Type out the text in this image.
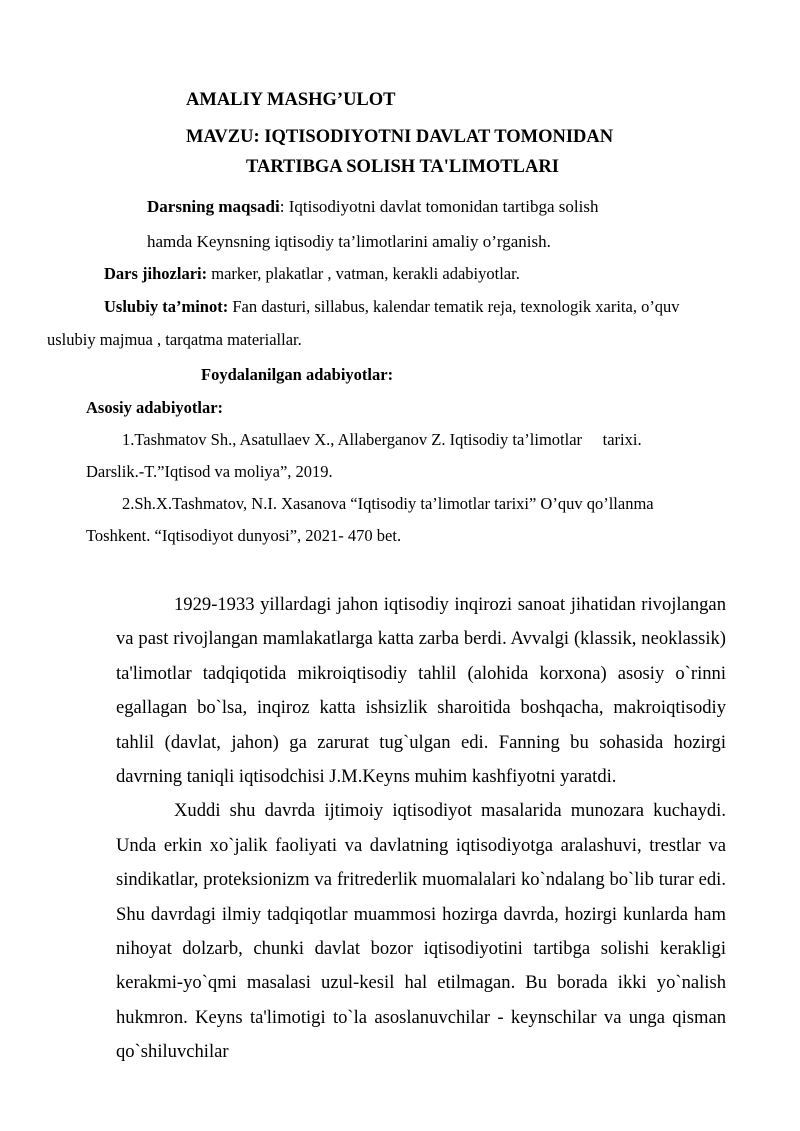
AMALIY MASHG’ULOT
MAVZU: IQTISODIYOTNI DAVLAT TOMONIDAN
TARTIBGA SOLISH TA'LIMOTLARI
Darsning maqsadi: Iqtisodiyotni davlat tomonidan tartibga solish
hamda Keynsning iqtisodiy ta’limotlarini amaliy o’rganish.
Dars jihozlari: marker, plakatlar , vatman, kerakli adabiyotlar.
Uslubiy ta’minot: Fan dasturi, sillabus, kalendar tematik reja, texnologik xarita, o’quv
uslubiy majmua , tarqatma materiallar.
Foydalanilgan adabiyotlar:
Asosiy adabiyotlar:
1.Tashmatov Sh., Asatullaev X., Allaberganov Z. Iqtisodiy ta’limotlar     tarixi.
Darslik.-T.”Iqtisod va moliya”, 2019.
2.Sh.X.Tashmatov, N.I. Xasanova “Iqtisodiy ta’limotlar tarixi” O’quv qo’llanma
Toshkent. “Iqtisodiyot dunyosi”, 2021- 470 bet.

1929-1933 yillardagi jahon iqtisodiy inqirozi sanoat jihatidan rivojlangan va past rivojlangan mamlakatlarga katta zarba berdi. Avvalgi (klassik, neoklassik) ta'limotlar tadqiqotida mikroiqtisodiy tahlil (alohida korxona) asosiy o`rinni egallagan bo`lsa, inqiroz katta ishsizlik sharoitida boshqacha, makroiqtisodiy tahlil (davlat, jahon) ga zarurat tug`ulgan edi. Fanning bu sohasida hozirgi davrning taniqli iqtisodchisi J.M.Keyns muhim kashfiyotni yaratdi.

Xuddi shu davrda ijtimoiy iqtisodiyot masalarida munozara kuchaydi. Unda erkin xo`jalik faoliyati va davlatning iqtisodiyotga aralashuvi, trestlar va sindikatlar, proteksionizm va fritrederlik muomalalari ko`ndalang bo`lib turar edi. Shu davrdagi ilmiy tadqiqotlar muammosi hozirga davrda, hozirgi kunlarda ham nihoyat dolzarb, chunki davlat bozor iqtisodiyotini tartibga solishi kerakligi kerakmi-yo`qmi masalasi uzul-kesil hal etilmagan. Bu borada ikki yo`nalish hukmron. Keyns ta'limotigi to`la asoslanuvchilar - keynschilar va unga qisman qo`shiluvchilar
